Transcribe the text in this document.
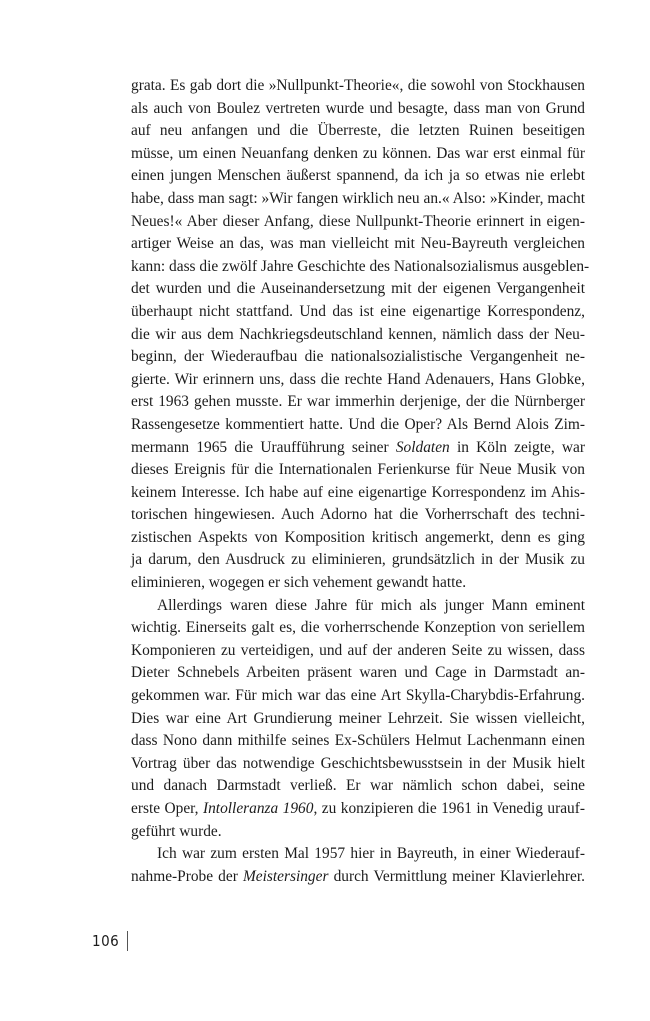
grata. Es gab dort die »Nullpunkt-Theorie«, die sowohl von Stockhausen
als auch von Boulez vertreten wurde und besagte, dass man von Grund
auf neu anfangen und die Überreste, die letzten Ruinen beseitigen
müsse, um einen Neuanfang denken zu können. Das war erst einmal für
einen jungen Menschen äußerst spannend, da ich ja so etwas nie erlebt
habe, dass man sagt: »Wir fangen wirklich neu an.« Also: »Kinder, macht
Neues!« Aber dieser Anfang, diese Nullpunkt-Theorie erinnert in eigen-
artiger Weise an das, was man vielleicht mit Neu-Bayreuth vergleichen
kann: dass die zwölf Jahre Geschichte des Nationalsozialismus ausgeblen-
det wurden und die Auseinandersetzung mit der eigenen Vergangenheit
überhaupt nicht stattfand. Und das ist eine eigenartige Korrespondenz,
die wir aus dem Nachkriegsdeutschland kennen, nämlich dass der Neu-
beginn, der Wiederaufbau die nationalsozialistische Vergangenheit ne-
gierte. Wir erinnern uns, dass die rechte Hand Adenauers, Hans Globke,
erst 1963 gehen musste. Er war immerhin derjenige, der die Nürnberger
Rassengesetze kommentiert hatte. Und die Oper? Als Bernd Alois Zim-
mermann 1965 die Uraufführung seiner Soldaten in Köln zeigte, war
dieses Ereignis für die Internationalen Ferienkurse für Neue Musik von
keinem Interesse. Ich habe auf eine eigenartige Korrespondenz im Ahis-
torischen hingewiesen. Auch Adorno hat die Vorherrschaft des techni-
zistischen Aspekts von Komposition kritisch angemerkt, denn es ging
ja darum, den Ausdruck zu eliminieren, grundsätzlich in der Musik zu
eliminieren, wogegen er sich vehement gewandt hatte.
Allerdings waren diese Jahre für mich als junger Mann eminent
wichtig. Einerseits galt es, die vorherrschende Konzeption von seriellem
Komponieren zu verteidigen, und auf der anderen Seite zu wissen, dass
Dieter Schnebels Arbeiten präsent waren und Cage in Darmstadt an-
gekommen war. Für mich war das eine Art Skylla-Charybdis-Erfahrung.
Dies war eine Art Grundierung meiner Lehrzeit. Sie wissen vielleicht,
dass Nono dann mithilfe seines Ex-Schülers Helmut Lachenmann einen
Vortrag über das notwendige Geschichtsbewusstsein in der Musik hielt
und danach Darmstadt verließ. Er war nämlich schon dabei, seine
erste Oper, Intolleranza 1960, zu konzipieren die 1961 in Venedig urauf-
geführt wurde.
Ich war zum ersten Mal 1957 hier in Bayreuth, in einer Wiederauf-
nahme-Probe der Meistersinger durch Vermittlung meiner Klavierlehrer.
106
